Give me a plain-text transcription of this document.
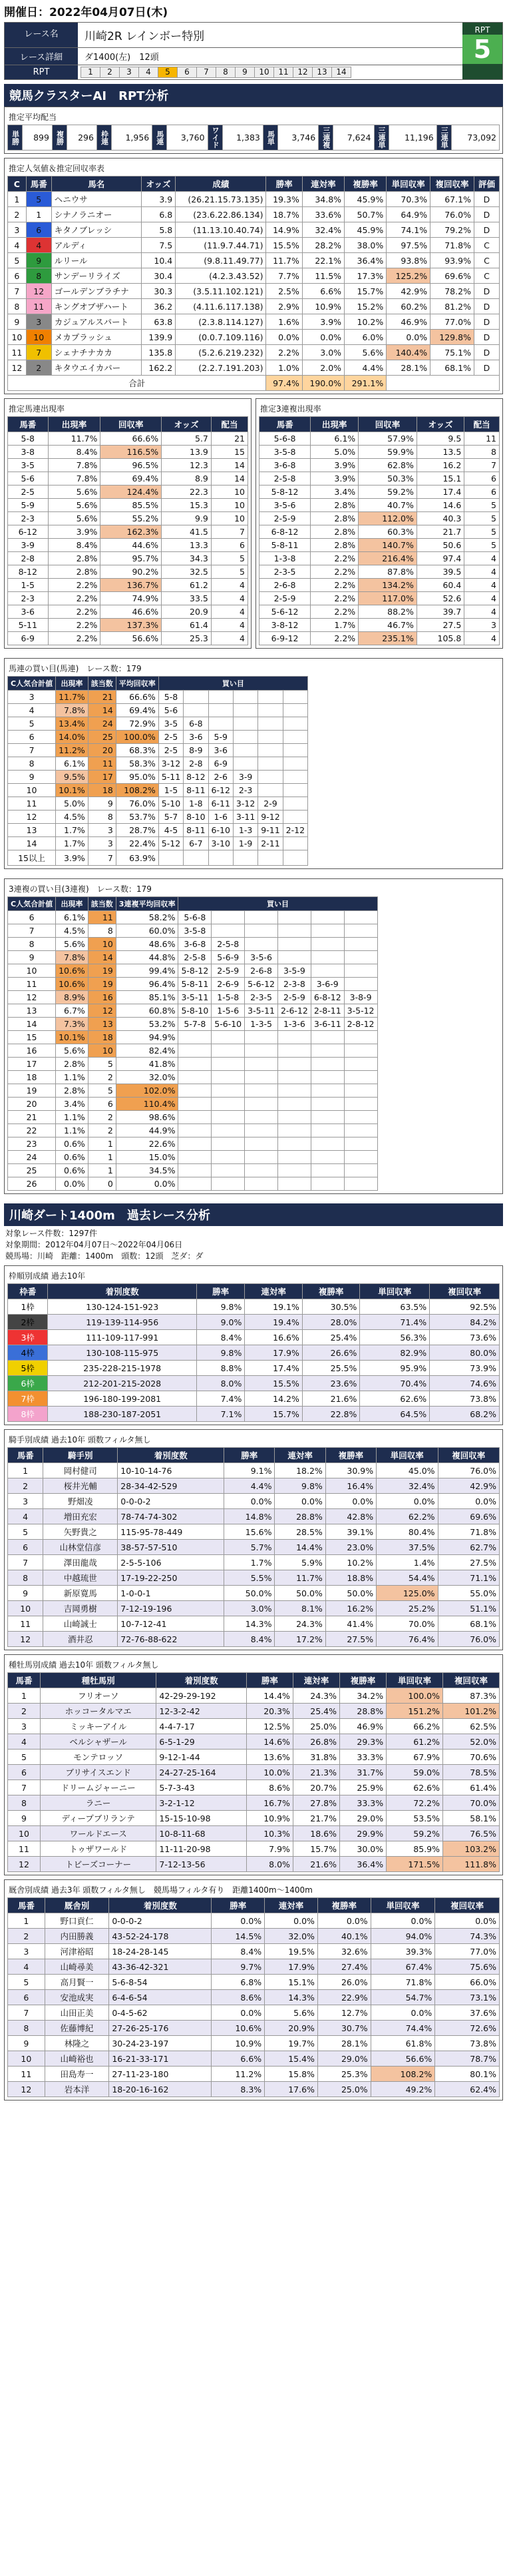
開催日：2022年04月07日(木)
レース名	川崎2R レインボー特別
レース詳細	ダ1400(左)　12頭
RPT	1	2	3	4	5	6	7	8	9	10	11	12	13	14
RPT
5
競馬クラスターAI　RPT分析
推定平均配当
単勝	899	複勝	296	枠連	1,956	馬連	3,760	ワイド	1,383	馬単	3,746	三連複	7,624	三連単	11,196	三連単	73,092
推定人気値＆推定回収率表
C	馬番	馬名	オッズ	成績	勝率	連対率	複勝率	単回収率	複回収率	評価
1	5	ヘニウサ	3.9	(26.21.15.73.135)	19.3%	34.8%	45.9%	70.3%	67.1%	D
2	1	シナノラニオー	6.8	(23.6.22.86.134)	18.7%	33.6%	50.7%	64.9%	76.0%	D
3	6	キタノブレッシ	5.8	(11.13.10.40.74)	14.9%	32.4%	45.9%	74.1%	79.2%	D
4	4	アルディ	7.5	(11.9.7.44.71)	15.5%	28.2%	38.0%	97.5%	71.8%	C
5	9	ルリール	10.4	(9.8.11.49.77)	11.7%	22.1%	36.4%	93.8%	93.9%	C
6	8	サンデーリライズ	30.4	(4.2.3.43.52)	7.7%	11.5%	17.3%	125.2%	69.6%	C
7	12	ゴールデンブラチナ	30.3	(3.5.11.102.121)	2.5%	6.6%	15.7%	42.9%	78.2%	D
8	11	キングオブザハート	36.2	(4.11.6.117.138)	2.9%	10.9%	15.2%	60.2%	81.2%	D
9	3	カジュアルスパート	63.8	(2.3.8.114.127)	1.6%	3.9%	10.2%	46.9%	77.0%	D
10	10	メカプラッシュ	139.9	(0.0.7.109.116)	0.0%	0.0%	6.0%	0.0%	129.8%	D
11	7	シェナチナカカ	135.8	(5.2.6.219.232)	2.2%	3.0%	5.6%	140.4%	75.1%	D
12	2	キタウエイカパー	162.2	(2.2.7.191.203)	1.0%	2.0%	4.4%	28.1%	68.1%	D
合計					97.4%	190.0%	291.1%			
推定馬連出現率
馬番	出現率	回収率	オッズ	配当
5-8	11.7%	66.6%	5.7	21
3-8	8.4%	116.5%	13.9	15
3-5	7.8%	96.5%	12.3	14
5-6	7.8%	69.4%	8.9	14
2-5	5.6%	124.4%	22.3	10
5-9	5.6%	85.5%	15.3	10
2-3	5.6%	55.2%	9.9	10
6-12	3.9%	162.3%	41.5	7
3-9	8.4%	44.6%	13.3	6
2-8	2.8%	95.7%	34.3	5
8-12	2.8%	90.2%	32.5	5
1-5	2.2%	136.7%	61.2	4
2-3	2.2%	74.9%	33.5	4
3-6	2.2%	46.6%	20.9	4
5-11	2.2%	137.3%	61.4	4
6-9	2.2%	56.6%	25.3	4
推定3連複出現率
馬番	出現率	回収率	オッズ	配当
5-6-8	6.1%	57.9%	9.5	11
3-5-8	5.0%	59.9%	13.5	8
3-6-8	3.9%	62.8%	16.2	7
2-5-8	3.9%	50.3%	15.1	6
5-8-12	3.4%	59.2%	17.4	6
3-5-6	2.8%	40.7%	14.6	5
2-5-9	2.8%	112.0%	40.3	5
6-8-12	2.8%	60.3%	21.7	5
5-8-11	2.8%	140.7%	50.6	5
1-3-8	2.2%	216.4%	97.4	4
2-3-5	2.2%	87.8%	39.5	4
2-6-8	2.2%	134.2%	60.4	4
2-5-9	2.2%	117.0%	52.6	4
5-6-12	2.2%	88.2%	39.7	4
3-8-12	1.7%	46.7%	27.5	3
6-9-12	2.2%	235.1%	105.8	4
馬連の買い目(馬連)　レース数：179
C人気合計値	出現率	該当数	平均回収率	買い目					
3	11.7%	21	66.6%	5-8					
4	7.8%	14	69.4%	5-6					
5	13.4%	24	72.9%	3-5	6-8				
6	14.0%	25	100.0%	2-5	3-6	5-9			
7	11.2%	20	68.3%	2-5	8-9	3-6			
8	6.1%	11	58.3%	3-12	2-8	6-9			
9	9.5%	17	95.0%	5-11	8-12	2-6	3-9		
10	10.1%	18	108.2%	1-5	8-11	6-12	2-3		
11	5.0%	9	76.0%	5-10	1-8	6-11	3-12	2-9	
12	4.5%	8	53.7%	5-7	8-10	1-6	3-11	9-12	
13	1.7%	3	28.7%	4-5	8-11	6-10	1-3	9-11	2-12
14	1.7%	3	22.4%	5-12	6-7	3-10	1-9	2-11	
15以上	3.9%	7	63.9%						
3連複の買い目(3連複)　レース数：179
C人気合計値	出現率	該当数	3連複平均回収率	買い目					
6	6.1%	11	58.2%	5-6-8					
7	4.5%	8	60.0%	3-5-8					
8	5.6%	10	48.6%	3-6-8	2-5-8				
9	7.8%	14	44.8%	2-5-8	5-6-9	3-5-6			
10	10.6%	19	99.4%	5-8-12	2-5-9	2-6-8	3-5-9		
11	10.6%	19	96.4%	5-8-11	2-6-9	5-6-12	2-3-8	3-6-9	
12	8.9%	16	85.1%	3-5-11	1-5-8	2-3-5	2-5-9	6-8-12	3-8-9
13	6.7%	12	60.8%	5-8-10	1-5-6	3-5-11	2-6-12	2-8-11	3-5-12
14	7.3%	13	53.2%	5-7-8	5-6-10	1-3-5	1-3-6	3-6-11	2-8-12
15	10.1%	18	94.9%						
16	5.6%	10	82.4%						
17	2.8%	5	41.8%						
18	1.1%	2	32.0%						
19	2.8%	5	102.0%						
20	3.4%	6	110.4%						
21	1.1%	2	98.6%						
22	1.1%	2	44.9%						
23	0.6%	1	22.6%						
24	0.6%	1	15.0%						
25	0.6%	1	34.5%						
26	0.0%	0	0.0%						
川崎ダート1400m　過去レース分析
対象レース件数：1297件
対象期間：2012年04月07日～2022年04月06日
競馬場：川崎　距離：1400m　頭数：12頭　芝ダ：ダ
枠順別成績 過去10年
枠番	着別度数	勝率	連対率	複勝率	単回収率	複回収率
1枠	130-124-151-923	9.8%	19.1%	30.5%	63.5%	92.5%
2枠	119-139-114-956	9.0%	19.4%	28.0%	71.4%	84.2%
3枠	111-109-117-991	8.4%	16.6%	25.4%	56.3%	73.6%
4枠	130-108-115-975	9.8%	17.9%	26.6%	82.9%	80.0%
5枠	235-228-215-1978	8.8%	17.4%	25.5%	95.9%	73.9%
6枠	212-201-215-2028	8.0%	15.5%	23.6%	70.4%	74.6%
7枠	196-180-199-2081	7.4%	14.2%	21.6%	62.6%	73.8%
8枠	188-230-187-2051	7.1%	15.7%	22.8%	64.5%	68.2%
騎手別成績 過去10年 頭数フィルタ無し
馬番	騎手別	着別度数	勝率	連対率	複勝率	単回収率	複回収率
1	岡村健司	10-10-14-76	9.1%	18.2%	30.9%	45.0%	76.0%
2	桜井光輔	28-34-42-529	4.4%	9.8%	16.4%	32.4%	42.9%
3	野畑凌	0-0-0-2	0.0%	0.0%	0.0%	0.0%	0.0%
4	増田充宏	78-74-74-302	14.8%	28.8%	42.8%	62.2%	69.6%
5	矢野貴之	115-95-78-449	15.6%	28.5%	39.1%	80.4%	71.8%
6	山林堂信彦	38-57-57-510	5.7%	14.4%	23.0%	37.5%	62.7%
7	澤田龍哉	2-5-5-106	1.7%	5.9%	10.2%	1.4%	27.5%
8	中越琉世	17-19-22-250	5.5%	11.7%	18.8%	54.4%	71.1%
9	新原寛馬	1-0-0-1	50.0%	50.0%	50.0%	125.0%	55.0%
10	吉岡勇樹	7-12-19-196	3.0%	8.1%	16.2%	25.2%	51.1%
11	山崎誠士	10-7-12-41	14.3%	24.3%	41.4%	70.0%	68.1%
12	酒井忍	72-76-88-622	8.4%	17.2%	27.5%	76.4%	76.0%
種牡馬別成績 過去10年 頭数フィルタ無し
馬番	種牡馬別	着別度数	勝率	連対率	複勝率	単回収率	複回収率
1	フリオーソ	42-29-29-192	14.4%	24.3%	34.2%	100.0%	87.3%
2	ホッコータルマエ	12-3-2-42	20.3%	25.4%	28.8%	151.2%	101.2%
3	ミッキーアイル	4-4-7-17	12.5%	25.0%	46.9%	66.2%	62.5%
4	ベルシャザール	6-5-1-29	14.6%	26.8%	29.3%	61.2%	52.0%
5	モンテロッソ	9-12-1-44	13.6%	31.8%	33.3%	67.9%	70.6%
6	ブリサイスエンド	24-27-25-164	10.0%	21.3%	31.7%	59.0%	78.5%
7	ドリームジャーニー	5-7-3-43	8.6%	20.7%	25.9%	62.6%	61.4%
8	ラニー	3-2-1-12	16.7%	27.8%	33.3%	72.2%	70.0%
9	ディープブリランテ	15-15-10-98	10.9%	21.7%	29.0%	53.5%	58.1%
10	ワールドエース	10-8-11-68	10.3%	18.6%	29.9%	59.2%	76.5%
11	トゥザワールド	11-11-20-98	7.9%	15.7%	30.0%	85.9%	103.2%
12	トビーズコーナー	7-12-13-56	8.0%	21.6%	36.4%	171.5%	111.8%
厩舎別成績 過去3年 頭数フィルタ無し　競馬場フィルタ有り　距離1400m～1400m
馬番	厩舎別	着別度数	勝率	連対率	複勝率	単回収率	複回収率
1	野口貢仁	0-0-0-2	0.0%	0.0%	0.0%	0.0%	0.0%
2	内田勝義	43-52-24-178	14.5%	32.0%	40.1%	94.0%	74.3%
3	河津裕昭	18-24-28-145	8.4%	19.5%	32.6%	39.3%	77.0%
4	山崎尋美	43-36-42-321	9.7%	17.9%	27.4%	67.4%	75.6%
5	高月賢一	5-6-8-54	6.8%	15.1%	26.0%	71.8%	66.0%
6	安池成実	6-4-6-54	8.6%	14.3%	22.9%	54.7%	73.1%
7	山田正美	0-4-5-62	0.0%	5.6%	12.7%	0.0%	37.6%
8	佐藤博紀	27-26-25-176	10.6%	20.9%	30.7%	74.4%	72.6%
9	林隆之	30-24-23-197	10.9%	19.7%	28.1%	61.8%	73.8%
10	山崎裕也	16-21-33-171	6.6%	15.4%	29.0%	56.6%	78.7%
11	田島寿一	27-11-23-180	11.2%	15.8%	25.3%	108.2%	80.1%
12	岩本洋	18-20-16-162	8.3%	17.6%	25.0%	49.2%	62.4%
